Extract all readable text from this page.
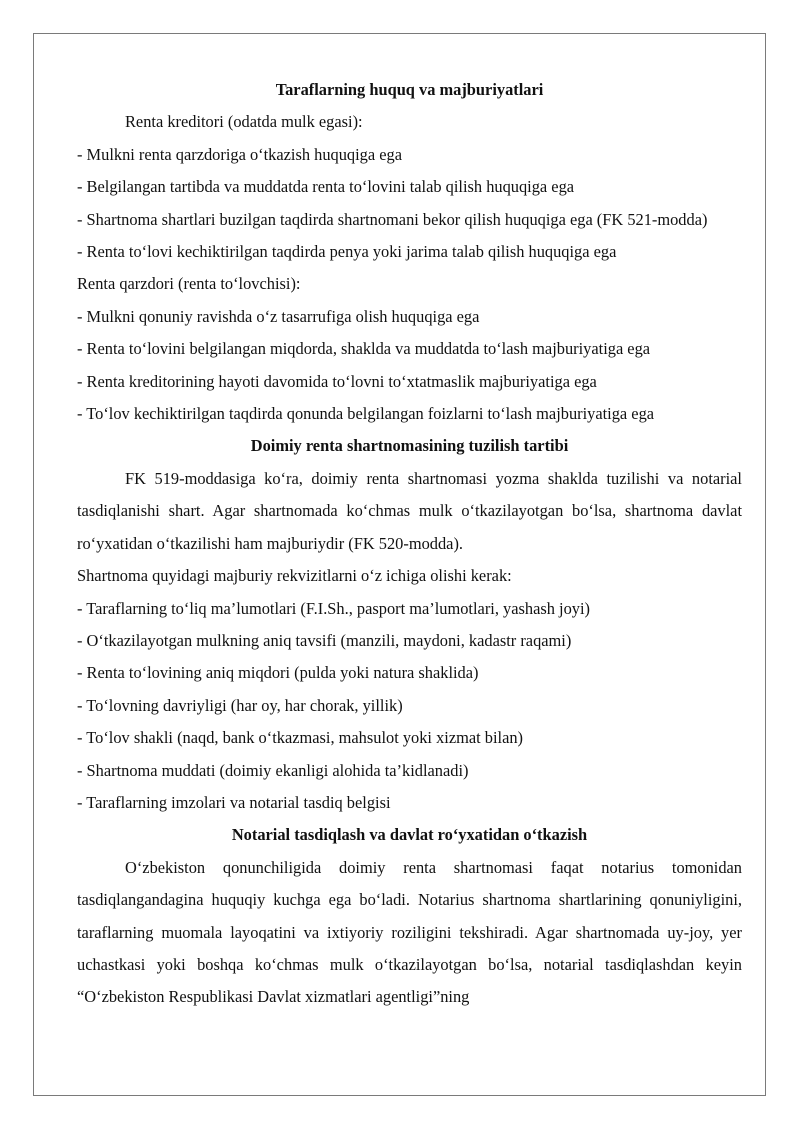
Taraflarning huquq va majburiyatlari

Renta kreditori (odatda mulk egasi):

- Mulkni renta qarzdoriga o‘tkazish huquqiga ega

- Belgilangan tartibda va muddatda renta to‘lovini talab qilish huquqiga ega

- Shartnoma shartlari buzilgan taqdirda shartnomani bekor qilish huquqiga ega (FK 521-modda)

- Renta to‘lovi kechiktirilgan taqdirda penya yoki jarima talab qilish huquqiga ega

Renta qarzdori (renta to‘lovchisi):

- Mulkni qonuniy ravishda o‘z tasarrufiga olish huquqiga ega

- Renta to‘lovini belgilangan miqdorda, shaklda va muddatda to‘lash majburiyatiga ega

- Renta kreditorining hayoti davomida to‘lovni to‘xtatmaslik majburiyatiga ega

- To‘lov kechiktirilgan taqdirda qonunda belgilangan foizlarni to‘lash majburiyatiga ega

Doimiy renta shartnomasining tuzilish tartibi

FK 519-moddasiga ko‘ra, doimiy renta shartnomasi yozma shaklda tuzilishi va notarial tasdiqlanishi shart. Agar shartnomada ko‘chmas mulk o‘tkazilayotgan bo‘lsa, shartnoma davlat ro‘yxatidan o‘tkazilishi ham majburiydir (FK 520-modda).

Shartnoma quyidagi majburiy rekvizitlarni o‘z ichiga olishi kerak:

- Taraflarning to‘liq ma’lumotlari (F.I.Sh., pasport ma’lumotlari, yashash joyi)

- O‘tkazilayotgan mulkning aniq tavsifi (manzili, maydoni, kadastr raqami)

- Renta to‘lovining aniq miqdori (pulda yoki natura shaklida)

- To‘lovning davriyligi (har oy, har chorak, yillik)

- To‘lov shakli (naqd, bank o‘tkazmasi, mahsulot yoki xizmat bilan)

- Shartnoma muddati (doimiy ekanligi alohida ta’kidlanadi)

- Taraflarning imzolari va notarial tasdiq belgisi

Notarial tasdiqlash va davlat ro‘yxatidan o‘tkazish

O‘zbekiston qonunchiligida doimiy renta shartnomasi faqat notarius tomonidan tasdiqlangandagina huquqiy kuchga ega bo‘ladi. Notarius shartnoma shartlarining qonuniyligini, taraflarning muomala layoqatini va ixtiyoriy roziligini tekshiradi. Agar shartnomada uy-joy, yer uchastkasi yoki boshqa ko‘chmas mulk o‘tkazilayotgan bo‘lsa, notarial tasdiqlashdan keyin “O‘zbekiston Respublikasi Davlat xizmatlari agentligi”ning
